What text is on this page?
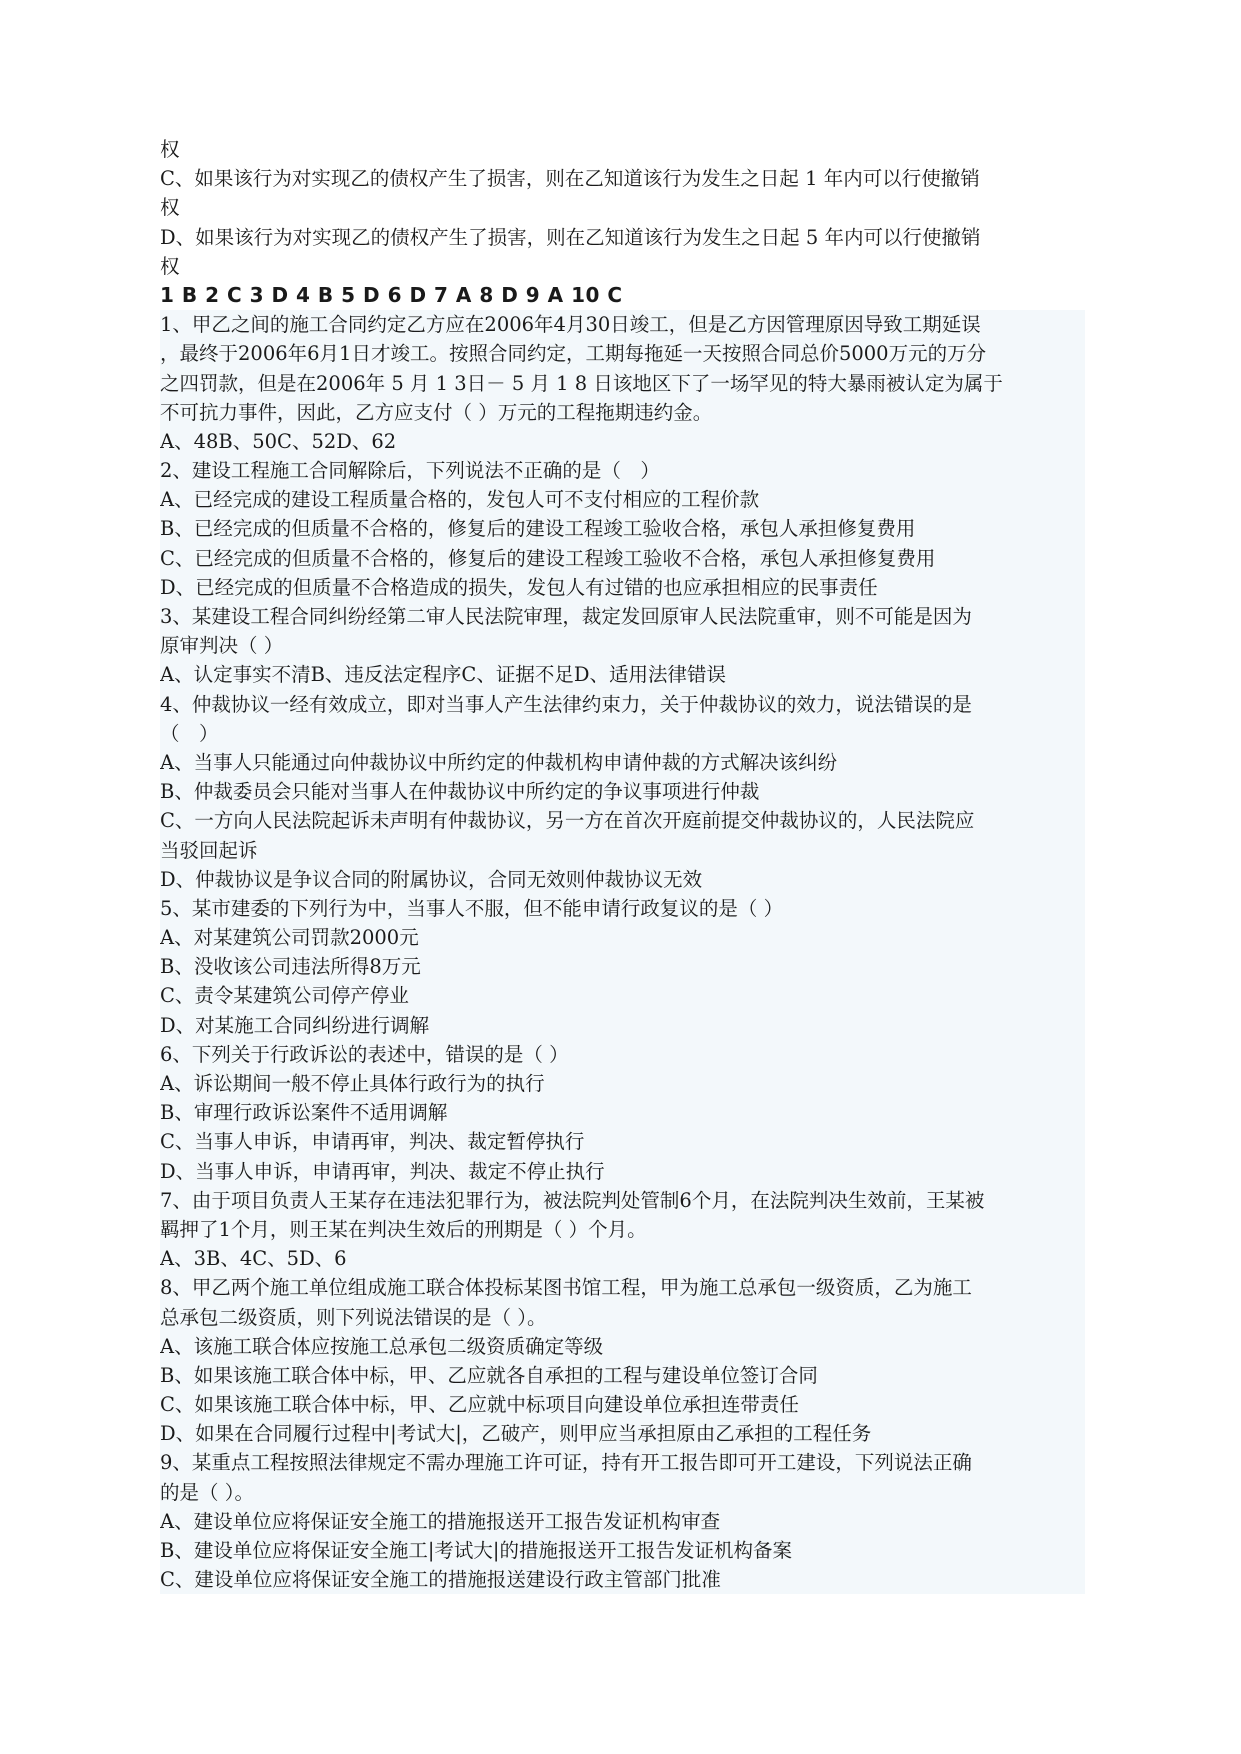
权
C、如果该行为对实现乙的债权产生了损害，则在乙知道该行为发生之日起 1 年内可以行使撤销
权
D、如果该行为对实现乙的债权产生了损害，则在乙知道该行为发生之日起 5 年内可以行使撤销
权
1 B 2 C 3 D 4 B 5 D 6 D 7 A 8 D 9 A 10 C
1、甲乙之间的施工合同约定乙方应在2006年4月30日竣工，但是乙方因管理原因导致工期延误
，最终于2006年6月1日才竣工。按照合同约定，工期每拖延一天按照合同总价5000万元的万分
之四罚款，但是在2006年 5 月 1 3日－ 5 月 1 8 日该地区下了一场罕见的特大暴雨被认定为属于
不可抗力事件，因此，乙方应支付（ ）万元的工程拖期违约金。
A、48B、50C、52D、62
2、建设工程施工合同解除后，下列说法不正确的是（　）
A、已经完成的建设工程质量合格的，发包人可不支付相应的工程价款
B、已经完成的但质量不合格的，修复后的建设工程竣工验收合格，承包人承担修复费用
C、已经完成的但质量不合格的，修复后的建设工程竣工验收不合格，承包人承担修复费用
D、已经完成的但质量不合格造成的损失，发包人有过错的也应承担相应的民事责任
3、某建设工程合同纠纷经第二审人民法院审理，裁定发回原审人民法院重审，则不可能是因为
原审判决（ ）
A、认定事实不清B、违反法定程序C、证据不足D、适用法律错误
4、仲裁协议一经有效成立，即对当事人产生法律约束力，关于仲裁协议的效力，说法错误的是
（　）
A、当事人只能通过向仲裁协议中所约定的仲裁机构申请仲裁的方式解决该纠纷
B、仲裁委员会只能对当事人在仲裁协议中所约定的争议事项进行仲裁
C、一方向人民法院起诉未声明有仲裁协议，另一方在首次开庭前提交仲裁协议的，人民法院应
当驳回起诉
D、仲裁协议是争议合同的附属协议，合同无效则仲裁协议无效
5、某市建委的下列行为中，当事人不服，但不能申请行政复议的是（ ）
A、对某建筑公司罚款2000元
B、没收该公司违法所得8万元
C、责令某建筑公司停产停业
D、对某施工合同纠纷进行调解
6、下列关于行政诉讼的表述中，错误的是（ ）
A、诉讼期间一般不停止具体行政行为的执行
B、审理行政诉讼案件不适用调解
C、当事人申诉，申请再审，判决、裁定暂停执行
D、当事人申诉，申请再审，判决、裁定不停止执行
7、由于项目负责人王某存在违法犯罪行为，被法院判处管制6个月，在法院判决生效前，王某被
羁押了1个月，则王某在判决生效后的刑期是（ ）个月。
A、3B、4C、5D、6
8、甲乙两个施工单位组成施工联合体投标某图书馆工程，甲为施工总承包一级资质，乙为施工
总承包二级资质，则下列说法错误的是（ ）。
A、该施工联合体应按施工总承包二级资质确定等级
B、如果该施工联合体中标，甲、乙应就各自承担的工程与建设单位签订合同
C、如果该施工联合体中标，甲、乙应就中标项目向建设单位承担连带责任
D、如果在合同履行过程中|考试大|，乙破产，则甲应当承担原由乙承担的工程任务
9、某重点工程按照法律规定不需办理施工许可证，持有开工报告即可开工建设，下列说法正确
的是（ ）。
A、建设单位应将保证安全施工的措施报送开工报告发证机构审查
B、建设单位应将保证安全施工|考试大|的措施报送开工报告发证机构备案
C、建设单位应将保证安全施工的措施报送建设行政主管部门批准
